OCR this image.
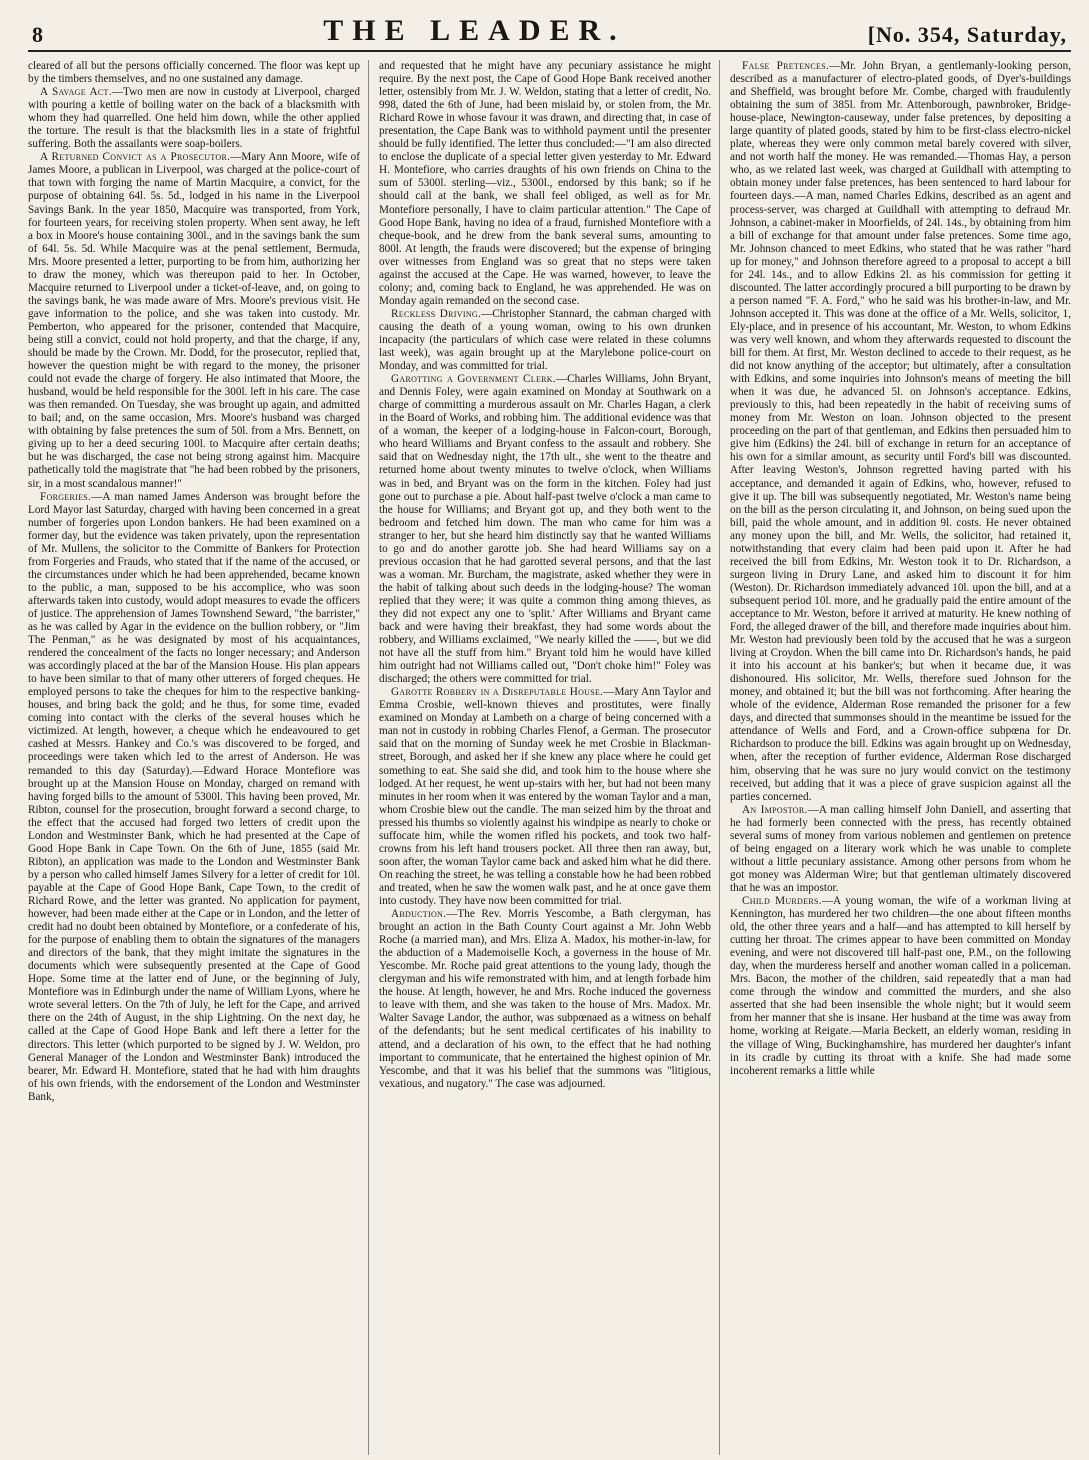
8	THE LEADER.	[No. 354, Saturday,

cleared of all but the persons officially concerned. The floor was kept up by the timbers themselves, and no one sustained any damage.

A Savage Act.—Two men are now in custody at Liverpool, charged with pouring a kettle of boiling water on the back of a blacksmith with whom they had quarrelled. One held him down, while the other applied the torture. The result is that the blacksmith lies in a state of frightful suffering. Both the assailants were soap-boilers.

A Returned Convict as a Prosecutor.—Mary Ann Moore, wife of James Moore, a publican in Liverpool, was charged at the police-court of that town with forging the name of Martin Macquire, a convict, for the purpose of obtaining 64l. 5s. 5d., lodged in his name in the Liverpool Savings Bank. In the year 1850, Macquire was transported, from York, for fourteen years, for receiving stolen property. When sent away, he left a box in Moore's house containing 300l., and in the savings bank the sum of 64l. 5s. 5d. While Macquire was at the penal settlement, Bermuda, Mrs. Moore presented a letter, purporting to be from him, authorizing her to draw the money, which was thereupon paid to her. In October, Macquire returned to Liverpool under a ticket-of-leave, and, on going to the savings bank, he was made aware of Mrs. Moore's previous visit. He gave information to the police, and she was taken into custody. Mr. Pemberton, who appeared for the prisoner, contended that Macquire, being still a convict, could not hold property, and that the charge, if any, should be made by the Crown. Mr. Dodd, for the prosecutor, replied that, however the question might be with regard to the money, the prisoner could not evade the charge of forgery. He also intimated that Moore, the husband, would be held responsible for the 300l. left in his care. The case was then remanded. On Tuesday, she was brought up again, and admitted to bail; and, on the same occasion, Mrs. Moore's husband was charged with obtaining by false pretences the sum of 50l. from a Mrs. Bennett, on giving up to her a deed securing 100l. to Macquire after certain deaths; but he was discharged, the case not being strong against him. Macquire pathetically told the magistrate that "he had been robbed by the prisoners, sir, in a most scandalous manner!"

Forgeries.—A man named James Anderson was brought before the Lord Mayor last Saturday, charged with having been concerned in a great number of forgeries upon London bankers. He had been examined on a former day, but the evidence was taken privately, upon the representation of Mr. Mullens, the solicitor to the Committe of Bankers for Protection from Forgeries and Frauds, who stated that if the name of the accused, or the circumstances under which he had been apprehended, became known to the public, a man, supposed to be his accomplice, who was soon afterwards taken into custody, would adopt measures to evade the officers of justice. The apprehension of James Townshend Seward, "the barrister," as he was called by Agar in the evidence on the bullion robbery, or "Jim The Penman," as he was designated by most of his acquaintances, rendered the concealment of the facts no longer necessary; and Anderson was accordingly placed at the bar of the Mansion House. His plan appears to have been similar to that of many other utterers of forged cheques. He employed persons to take the cheques for him to the respective banking-houses, and bring back the gold; and he thus, for some time, evaded coming into contact with the clerks of the several houses which he victimized. At length, however, a cheque which he endeavoured to get cashed at Messrs. Hankey and Co.'s was discovered to be forged, and proceedings were taken which led to the arrest of Anderson. He was remanded to this day (Saturday).—Edward Horace Montefiore was brought up at the Mansion House on Monday, charged on remand with having forged bills to the amount of 5300l. This having been proved, Mr. Ribton, counsel for the prosecution, brought forward a second charge, to the effect that the accused had forged two letters of credit upon the London and Westminster Bank, which he had presented at the Cape of Good Hope Bank in Cape Town. On the 6th of June, 1855 (said Mr. Ribton), an application was made to the London and Westminster Bank by a person who called himself James Silvery for a letter of credit for 10l. payable at the Cape of Good Hope Bank, Cape Town, to the credit of Richard Rowe, and the letter was granted. No application for payment, however, had been made either at the Cape or in London, and the letter of credit had no doubt been obtained by Montefiore, or a confederate of his, for the purpose of enabling them to obtain the signatures of the managers and directors of the bank, that they might imitate the signatures in the documents which were subsequently presented at the Cape of Good Hope. Some time at the latter end of June, or the beginning of July, Montefiore was in Edinburgh under the name of William Lyons, where he wrote several letters. On the 7th of July, he left for the Cape, and arrived there on the 24th of August, in the ship Lightning. On the next day, he called at the Cape of Good Hope Bank and left there a letter for the directors. This letter (which purported to be signed by J. W. Weldon, pro General Manager of the London and Westminster Bank) introduced the bearer, Mr. Edward H. Montefiore, stated that he had with him draughts of his own friends, with the endorsement of the London and Westminster Bank,

and requested that he might have any pecuniary assistance he might require. By the next post, the Cape of Good Hope Bank received another letter, ostensibly from Mr. J. W. Weldon, stating that a letter of credit, No. 998, dated the 6th of June, had been mislaid by, or stolen from, the Mr. Richard Rowe in whose favour it was drawn, and directing that, in case of presentation, the Cape Bank was to withhold payment until the presenter should be fully identified. The letter thus concluded:—"I am also directed to enclose the duplicate of a special letter given yesterday to Mr. Edward H. Montefiore, who carries draughts of his own friends on China to the sum of 5300l. sterling—viz., 5300l., endorsed by this bank; so if he should call at the bank, we shall feel obliged, as well as for Mr. Montefiore personally, I have to claim particular attention." The Cape of Good Hope Bank, having no idea of a fraud, furnished Montefiore with a cheque-book, and he drew from the bank several sums, amounting to 800l. At length, the frauds were discovered; but the expense of bringing over witnesses from England was so great that no steps were taken against the accused at the Cape. He was warned, however, to leave the colony; and, coming back to England, he was apprehended. He was on Monday again remanded on the second case.

Reckless Driving.—Christopher Stannard, the cabman charged with causing the death of a young woman, owing to his own drunken incapacity (the particulars of which case were related in these columns last week), was again brought up at the Marylebone police-court on Monday, and was committed for trial.

Garotting a Government Clerk.—Charles Williams, John Bryant, and Dennis Foley, were again examined on Monday at Southwark on a charge of committing a murderous assault on Mr. Charles Hagan, a clerk in the Board of Works, and robbing him. The additional evidence was that of a woman, the keeper of a lodging-house in Falcon-court, Borough, who heard Williams and Bryant confess to the assault and robbery. She said that on Wednesday night, the 17th ult., she went to the theatre and returned home about twenty minutes to twelve o'clock, when Williams was in bed, and Bryant was on the form in the kitchen. Foley had just gone out to purchase a pie. About half-past twelve o'clock a man came to the house for Williams; and Bryant got up, and they both went to the bedroom and fetched him down. The man who came for him was a stranger to her, but she heard him distinctly say that he wanted Williams to go and do another garotte job. She had heard Williams say on a previous occasion that he had garotted several persons, and that the last was a woman. Mr. Burcham, the magistrate, asked whether they were in the habit of talking about such deeds in the lodging-house? The woman replied that they were; it was quite a common thing among thieves, as they did not expect any one to 'split.' After Williams and Bryant came back and were having their breakfast, they had some words about the robbery, and Williams exclaimed, "We nearly killed the ——, but we did not have all the stuff from him." Bryant told him he would have killed him outright had not Williams called out, "Don't choke him!" Foley was discharged; the others were committed for trial.

Garotte Robbery in a Disreputable House.—Mary Ann Taylor and Emma Crosbie, well-known thieves and prostitutes, were finally examined on Monday at Lambeth on a charge of being concerned with a man not in custody in robbing Charles Flenof, a German. The prosecutor said that on the morning of Sunday week he met Crosbie in Blackman-street, Borough, and asked her if she knew any place where he could get something to eat. She said she did, and took him to the house where she lodged. At her request, he went up-stairs with her, but had not been many minutes in her room when it was entered by the woman Taylor and a man, whom Crosbie blew out the candle. The man seized him by the throat and pressed his thumbs so violently against his windpipe as nearly to choke or suffocate him, while the women rifled his pockets, and took two half-crowns from his left hand trousers pocket. All three then ran away, but, soon after, the woman Taylor came back and asked him what he did there. On reaching the street, he was telling a constable how he had been robbed and treated, when he saw the women walk past, and he at once gave them into custody. They have now been committed for trial.

Abduction.—The Rev. Morris Yescombe, a Bath clergyman, has brought an action in the Bath County Court against a Mr. John Webb Roche (a married man), and Mrs. Eliza A. Madox, his mother-in-law, for the abduction of a Mademoiselle Koch, a governess in the house of Mr. Yescombe. Mr. Roche paid great attentions to the young lady, though the clergyman and his wife remonstrated with him, and at length forbade him the house. At length, however, he and Mrs. Roche induced the governess to leave with them, and she was taken to the house of Mrs. Madox. Mr. Walter Savage Landor, the author, was subpœnaed as a witness on behalf of the defendants; but he sent medical certificates of his inability to attend, and a declaration of his own, to the effect that he had nothing important to communicate, that he entertained the highest opinion of Mr. Yescombe, and that it was his belief that the summons was "litigious, vexatious, and nugatory." The case was adjourned.

False Pretences.—Mr. John Bryan, a gentlemanly-looking person, described as a manufacturer of electro-plated goods, of Dyer's-buildings and Sheffield, was brought before Mr. Combe, charged with fraudulently obtaining the sum of 385l. from Mr. Attenborough, pawnbroker, Bridge-house-place, Newington-causeway, under false pretences, by depositing a large quantity of plated goods, stated by him to be first-class electro-nickel plate, whereas they were only common metal barely covered with silver, and not worth half the money. He was remanded.—Thomas Hay, a person who, as we related last week, was charged at Guildhall with attempting to obtain money under false pretences, has been sentenced to hard labour for fourteen days.—A man, named Charles Edkins, described as an agent and process-server, was charged at Guildhall with attempting to defraud Mr. Johnson, a cabinet-maker in Moorfields, of 24l. 14s., by obtaining from him a bill of exchange for that amount under false pretences. Some time ago, Mr. Johnson chanced to meet Edkins, who stated that he was rather "hard up for money," and Johnson therefore agreed to a proposal to accept a bill for 24l. 14s., and to allow Edkins 2l. as his commission for getting it discounted. The latter accordingly procured a bill purporting to be drawn by a person named "F. A. Ford," who he said was his brother-in-law, and Mr. Johnson accepted it. This was done at the office of a Mr. Wells, solicitor, 1, Ely-place, and in presence of his accountant, Mr. Weston, to whom Edkins was very well known, and whom they afterwards requested to discount the bill for them. At first, Mr. Weston declined to accede to their request, as he did not know anything of the acceptor; but ultimately, after a consultation with Edkins, and some inquiries into Johnson's means of meeting the bill when it was due, he advanced 5l. on Johnson's acceptance. Edkins, previously to this, had been repeatedly in the habit of receiving sums of money from Mr. Weston on loan. Johnson objected to the present proceeding on the part of that gentleman, and Edkins then persuaded him to give him (Edkins) the 24l. bill of exchange in return for an acceptance of his own for a similar amount, as security until Ford's bill was discounted. After leaving Weston's, Johnson regretted having parted with his acceptance, and demanded it again of Edkins, who, however, refused to give it up. The bill was subsequently negotiated, Mr. Weston's name being on the bill as the person circulating it, and Johnson, on being sued upon the bill, paid the whole amount, and in addition 9l. costs. He never obtained any money upon the bill, and Mr. Wells, the solicitor, had retained it, notwithstanding that every claim had been paid upon it. After he had received the bill from Edkins, Mr. Weston took it to Dr. Richardson, a surgeon living in Drury Lane, and asked him to discount it for him (Weston). Dr. Richardson immediately advanced 10l. upon the bill, and at a subsequent period 10l. more, and he gradually paid the entire amount of the acceptance to Mr. Weston, before it arrived at maturity. He knew nothing of Ford, the alleged drawer of the bill, and therefore made inquiries about him. Mr. Weston had previously been told by the accused that he was a surgeon living at Croydon. When the bill came into Dr. Richardson's hands, he paid it into his account at his banker's; but when it became due, it was dishonoured. His solicitor, Mr. Wells, therefore sued Johnson for the money, and obtained it; but the bill was not forthcoming. After hearing the whole of the evidence, Alderman Rose remanded the prisoner for a few days, and directed that summonses should in the meantime be issued for the attendance of Wells and Ford, and a Crown-office subpœna for Dr. Richardson to produce the bill. Edkins was again brought up on Wednesday, when, after the reception of further evidence, Alderman Rose discharged him, observing that he was sure no jury would convict on the testimony received, but adding that it was a piece of grave suspicion against all the parties concerned.

An Impostor.—A man calling himself John Daniell, and asserting that he had formerly been connected with the press, has recently obtained several sums of money from various noblemen and gentlemen on pretence of being engaged on a literary work which he was unable to complete without a little pecuniary assistance. Among other persons from whom he got money was Alderman Wire; but that gentleman ultimately discovered that he was an impostor.

Child Murders.—A young woman, the wife of a workman living at Kennington, has murdered her two children—the one about fifteen months old, the other three years and a half—and has attempted to kill herself by cutting her throat. The crimes appear to have been committed on Monday evening, and were not discovered till half-past one, P.M., on the following day, when the murderess herself and another woman called in a policeman. Mrs. Bacon, the mother of the children, said repeatedly that a man had come through the window and committed the murders, and she also asserted that she had been insensible the whole night; but it would seem from her manner that she is insane. Her husband at the time was away from home, working at Reigate.—Maria Beckett, an elderly woman, residing in the village of Wing, Buckinghamshire, has murdered her daughter's infant in its cradle by cutting its throat with a knife. She had made some incoherent remarks a little while
